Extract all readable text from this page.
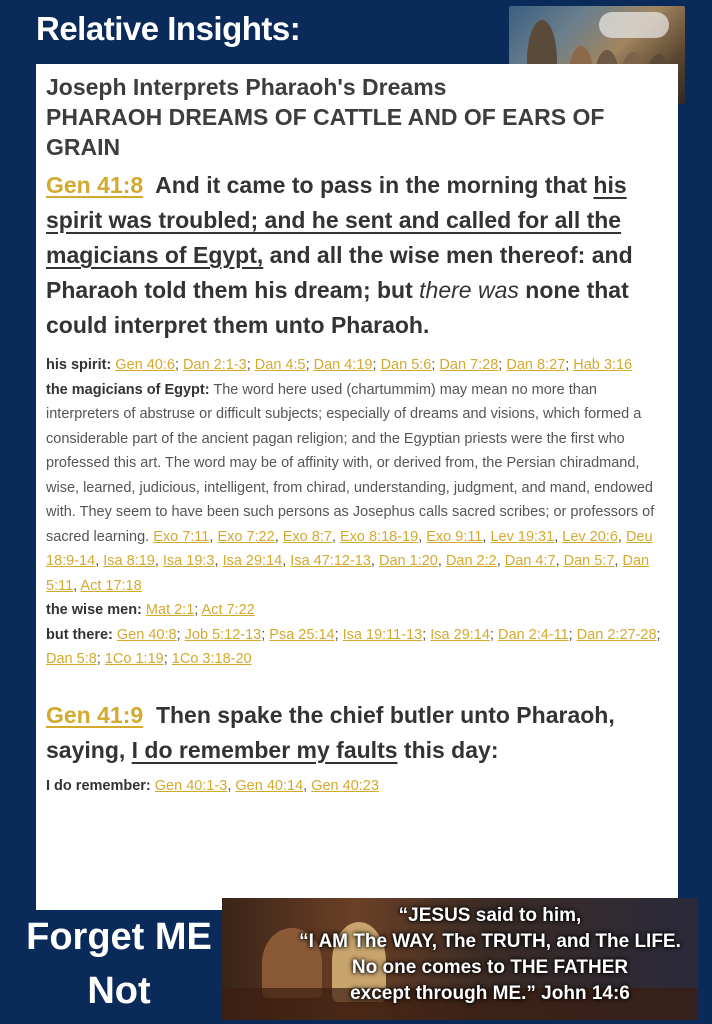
Relative Insights:
Joseph Interprets Pharaoh's Dreams
PHARAOH DREAMS OF CATTLE AND OF EARS OF GRAIN
Gen 41:8 And it came to pass in the morning that his spirit was troubled; and he sent and called for all the magicians of Egypt, and all the wise men thereof: and Pharaoh told them his dream; but there was none that could interpret them unto Pharaoh.
his spirit: Gen 40:6; Dan 2:1-3; Dan 4:5; Dan 4:19; Dan 5:6; Dan 7:28; Dan 8:27; Hab 3:16
the magicians of Egypt: The word here used (chartummim) may mean no more than interpreters of abstruse or difficult subjects; especially of dreams and visions, which formed a considerable part of the ancient pagan religion; and the Egyptian priests were the first who professed this art. The word may be of affinity with, or derived from, the Persian chiradmand, wise, learned, judicious, intelligent, from chirad, understanding, judgment, and mand, endowed with. They seem to have been such persons as Josephus calls sacred scribes; or professors of sacred learning. Exo 7:11, Exo 7:22, Exo 8:7, Exo 8:18-19, Exo 9:11, Lev 19:31, Lev 20:6, Deu 18:9-14, Isa 8:19, Isa 19:3, Isa 29:14, Isa 47:12-13, Dan 1:20, Dan 2:2, Dan 4:7, Dan 5:7, Dan 5:11, Act 17:18
the wise men: Mat 2:1; Act 7:22
but there: Gen 40:8; Job 5:12-13; Psa 25:14; Isa 19:11-13; Isa 29:14; Dan 2:4-11; Dan 2:27-28; Dan 5:8; 1Co 1:19; 1Co 3:18-20
Gen 41:9 Then spake the chief butler unto Pharaoh, saying, I do remember my faults this day:
I do remember: Gen 40:1-3, Gen 40:14, Gen 40:23
Forget ME Not
“JESUS said to him,
“I AM The WAY, The TRUTH, and The LIFE.
No one comes to THE FATHER
except through ME.” John 14:6
